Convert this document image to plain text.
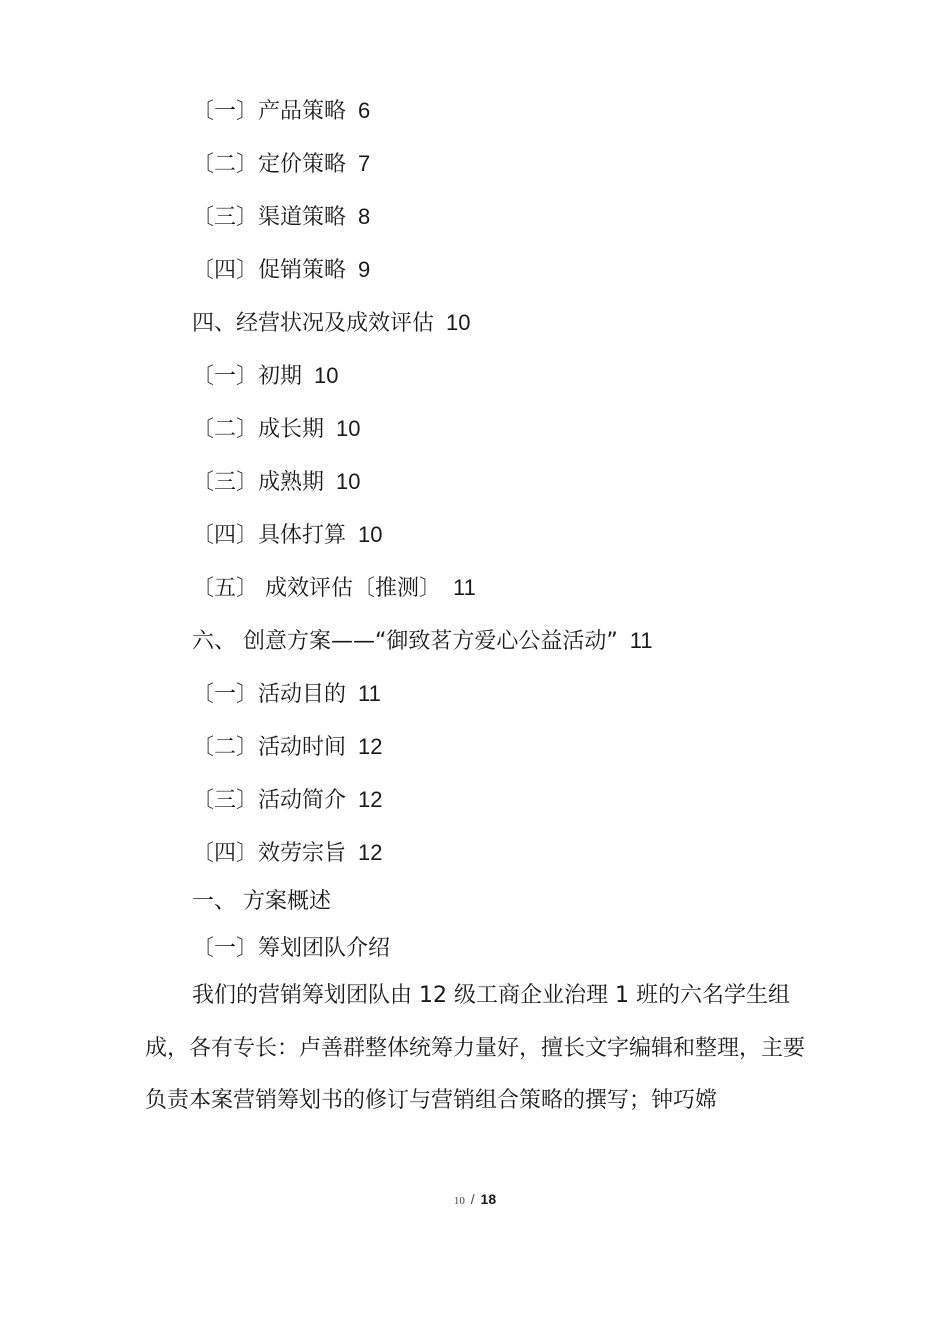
〔一〕产品策略 6
〔二〕定价策略 7
〔三〕渠道策略 8
〔四〕促销策略 9
四、经营状况及成效评估 10
〔一〕初期 10
〔二〕成长期 10
〔三〕成熟期 10
〔四〕具体打算 10
〔五〕 成效评估〔推测〕 11
六、 创意方案——“御致茗方爱心公益活动” 11
〔一〕活动目的 11
〔二〕活动时间 12
〔三〕活动简介 12
〔四〕效劳宗旨 12
一、 方案概述
〔一〕筹划团队介绍
我们的营销筹划团队由 12 级工商企业治理 1 班的六名学生组成，各有专长：卢善群整体统筹力量好，擅长文字编辑和整理，主要负责本案营销筹划书的修订与营销组合策略的撰写；钟巧嫦
10 / 18
